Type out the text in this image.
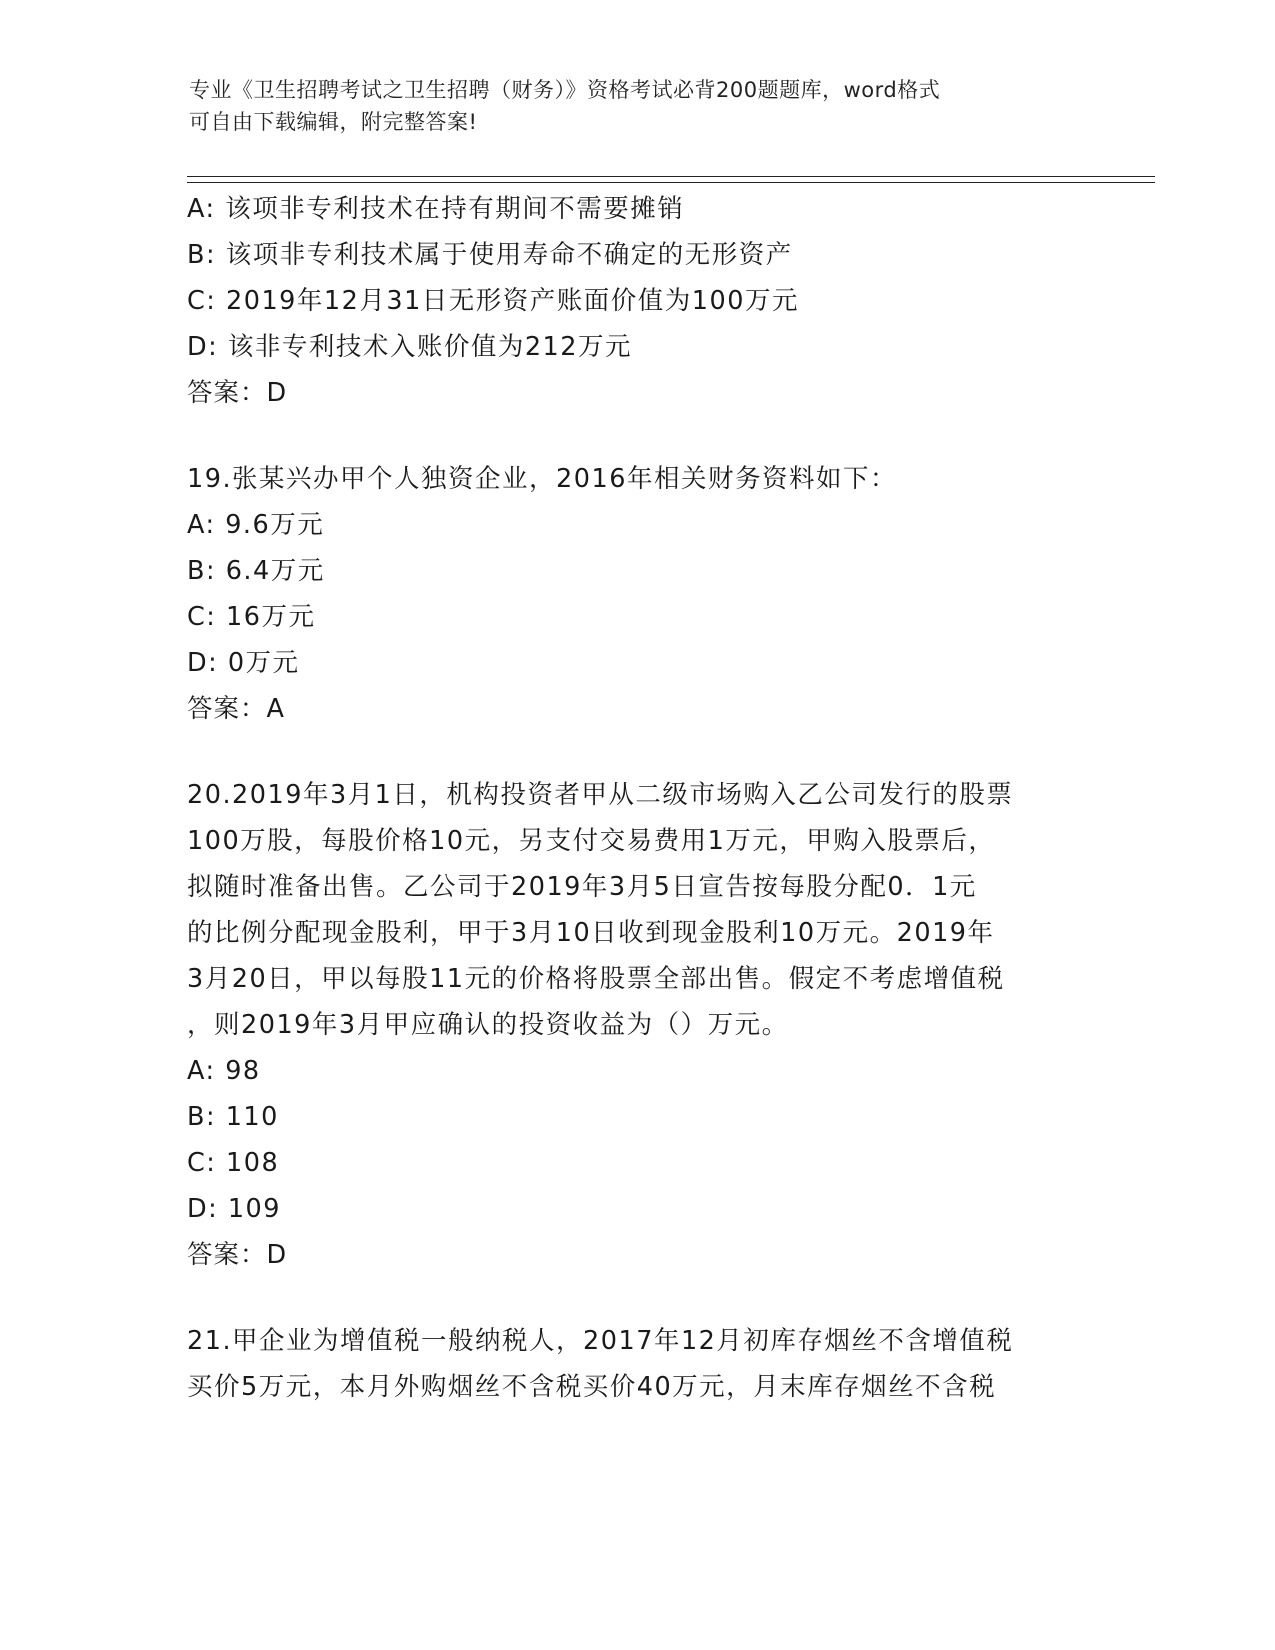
专业《卫生招聘考试之卫生招聘（财务）》资格考试必背200题题库，word格式
可自由下载编辑，附完整答案!
A: 该项非专利技术在持有期间不需要摊销
B: 该项非专利技术属于使用寿命不确定的无形资产
C: 2019年12月31日无形资产账面价值为100万元
D: 该非专利技术入账价值为212万元
答案：D
19.张某兴办甲个人独资企业，2016年相关财务资料如下：
A: 9.6万元
B: 6.4万元
C: 16万元
D: 0万元
答案：A
20.2019年3月1日，机构投资者甲从二级市场购入乙公司发行的股票
100万股，每股价格10元，另支付交易费用1万元，甲购入股票后，
拟随时准备出售。乙公司于2019年3月5日宣告按每股分配0．1元
的比例分配现金股利，甲于3月10日收到现金股利10万元。2019年
3月20日，甲以每股11元的价格将股票全部出售。假定不考虑增值税
，则2019年3月甲应确认的投资收益为（）万元。
A: 98
B: 110
C: 108
D: 109
答案：D
21.甲企业为增值税一般纳税人，2017年12月初库存烟丝不含增值税
买价5万元，本月外购烟丝不含税买价40万元，月末库存烟丝不含税
